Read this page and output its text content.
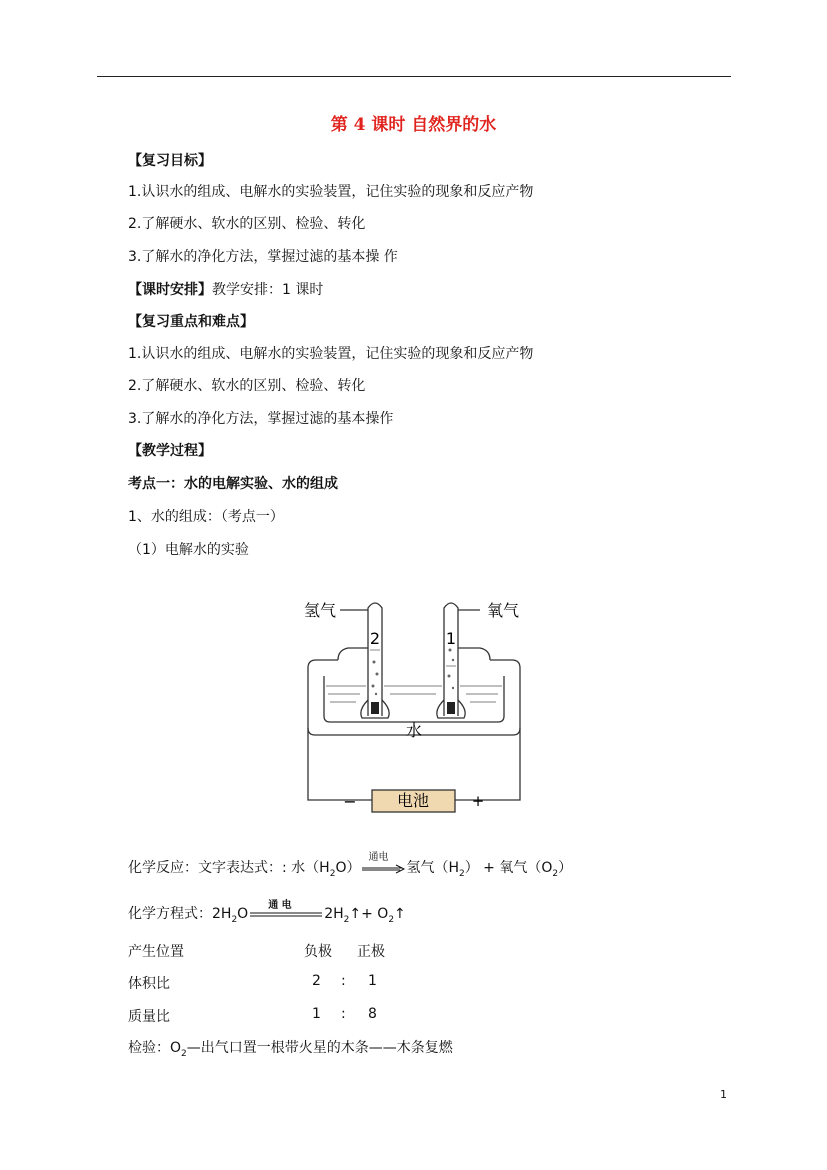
第 4 课时 自然界的水
【复习目标】
1.认识水的组成、电解水的实验装置，记住实验的现象和反应产物
2.了解硬水、软水的区别、检验、转化
3.了解水的净化方法，掌握过滤的基本操 作
【课时安排】教学安排：1 课时
【复习重点和难点】
1.认识水的组成、电解水的实验装置，记住实验的现象和反应产物
2.了解硬水、软水的区别、检验、转化
3.了解水的净化方法，掌握过滤的基本操作
【教学过程】
考点一：水的电解实验、水的组成
1、水的组成：（考点一）
（1）电解水的实验
电池
−	+
氢气	氧气
2	1
水
化学反应：文字表达式：: 水$(H_2O)$
通电
氢气$(H_2)$ + 氧气$(O_2)$
化学方程式：$2H_2O$
通 电
$2H_2↑+$ $O_2↑$
产生位置	负极 正极
体积比	2 : 1
质量比	1 : 8
检验：$O_2—$出气口置一根带火星的木条——木条复燃
1
